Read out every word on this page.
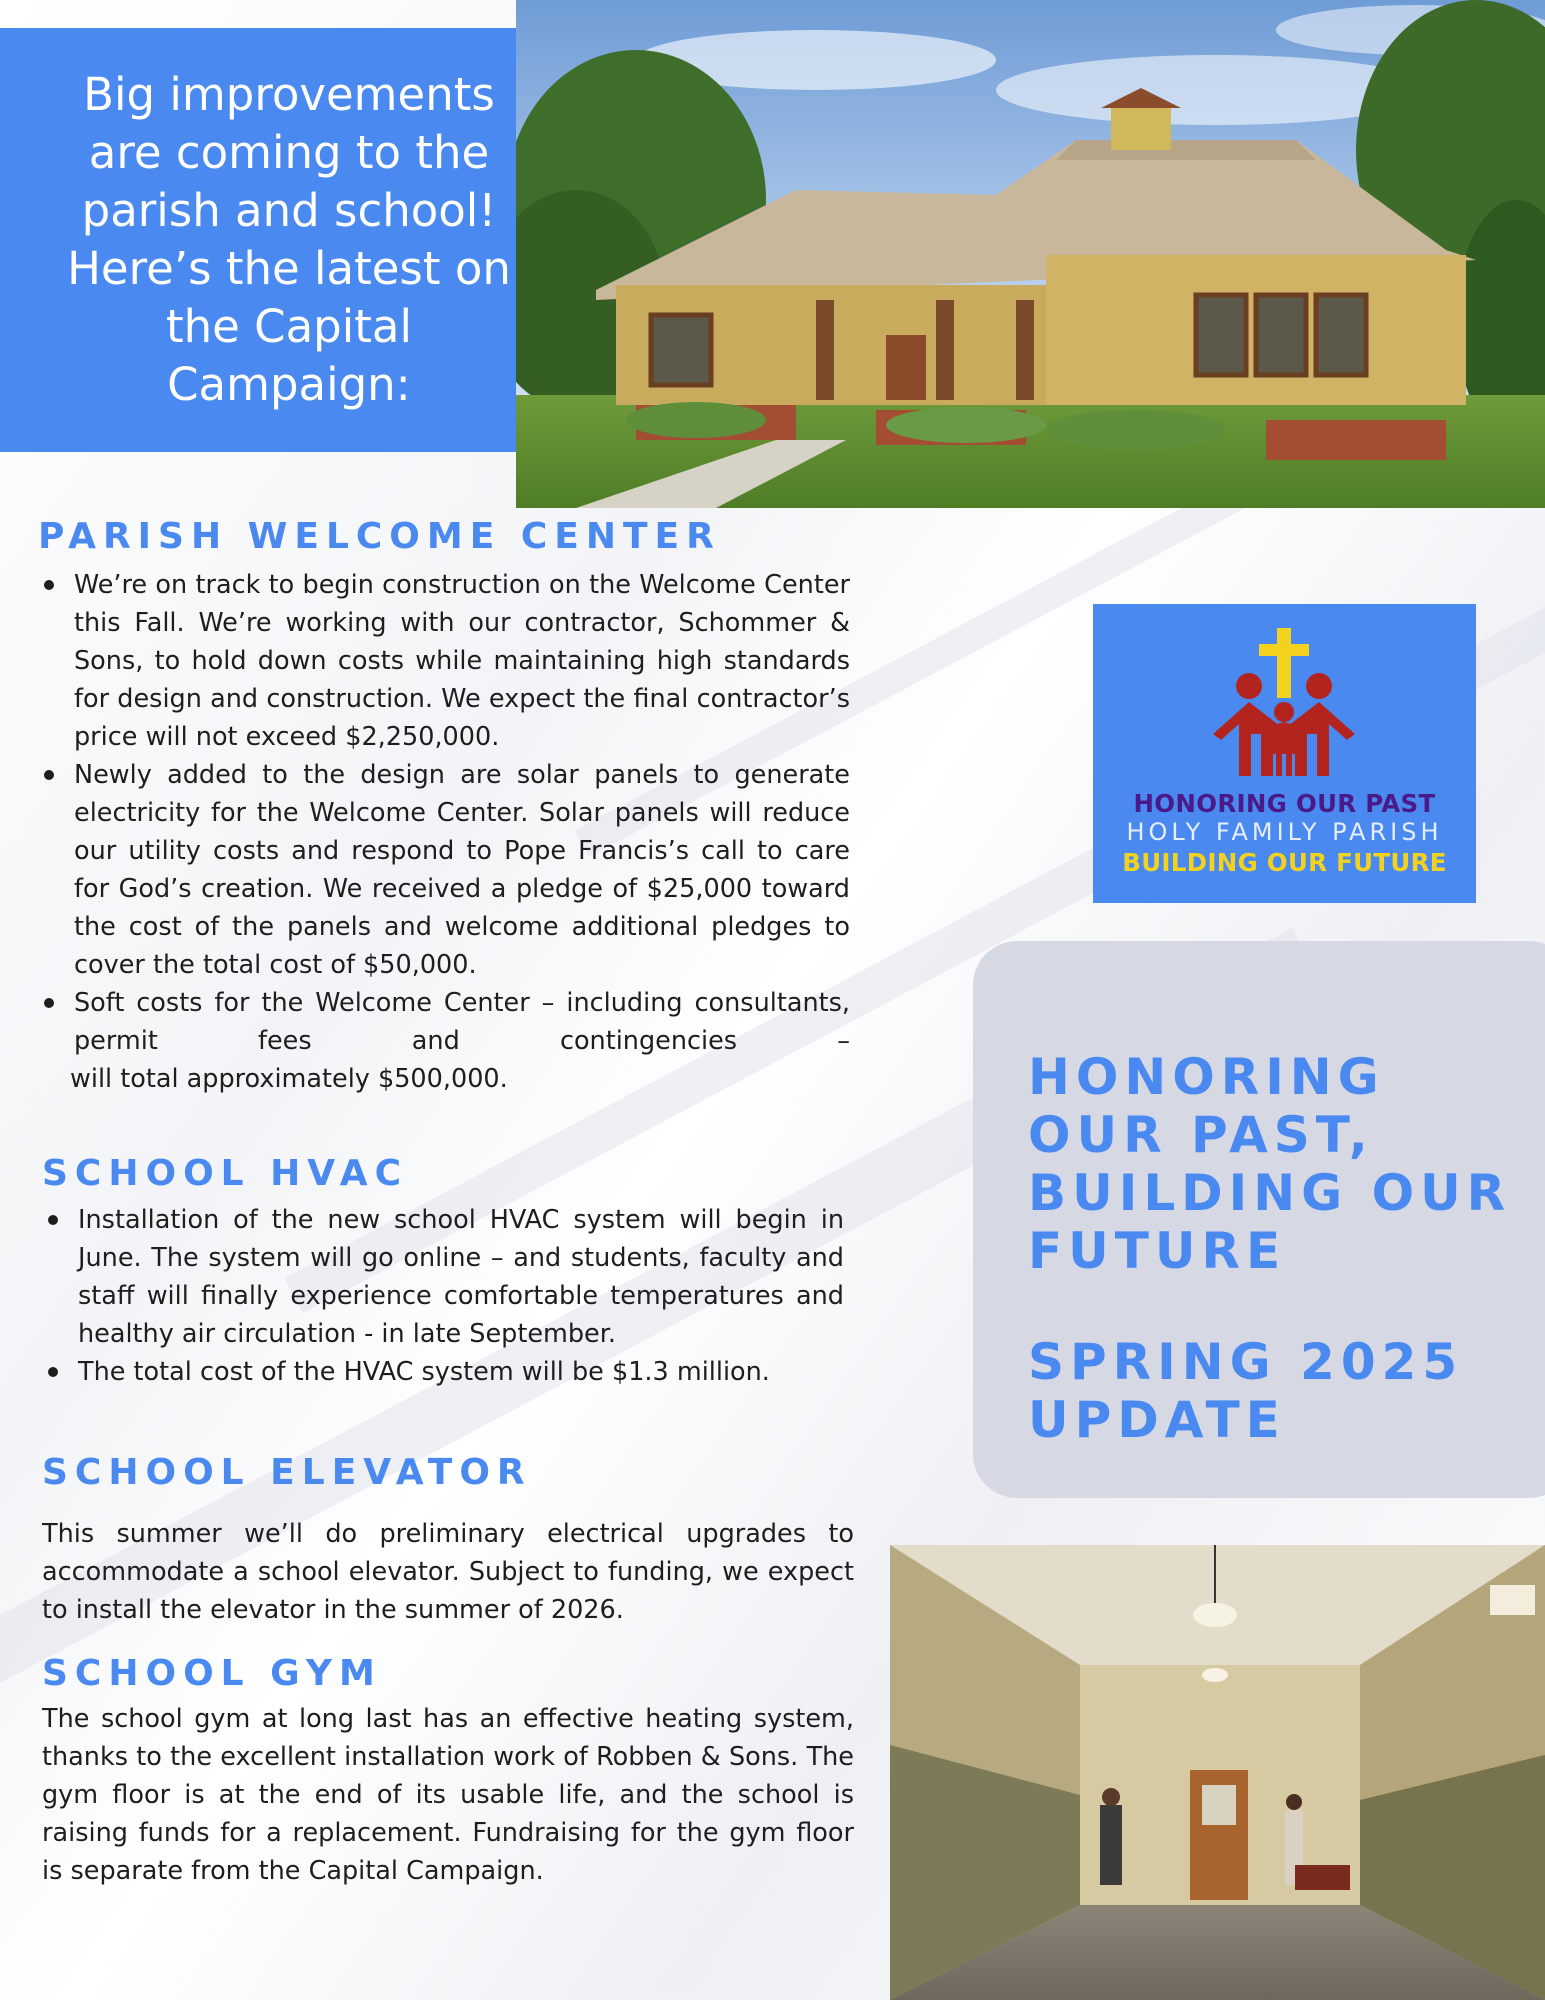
Big improvements
are coming to the
parish and school!
Here’s the latest on
the Capital
Campaign:
PARISH WELCOME CENTER
We’re on track to begin construction on the Welcome Center this Fall. We’re working with our contractor, Schommer & Sons, to hold down costs while maintaining high standards for design and construction. We expect the final contractor’s price will not exceed $2,250,000.
Newly added to the design are solar panels to generate electricity for the Welcome Center. Solar panels will reduce our utility costs and respond to Pope Francis’s call to care for God’s creation. We received a pledge of $25,000 toward the cost of the panels and welcome additional pledges to cover the total cost of $50,000.
Soft costs for the Welcome Center – including consultants, permit fees and contingencies –
will total approximately $500,000.
SCHOOL HVAC
Installation of the new school HVAC system will begin in June. The system will go online – and students, faculty and staff will finally experience comfortable temperatures and healthy air circulation - in late September.
The total cost of the HVAC system will be $1.3 million.
SCHOOL ELEVATOR

This summer we’ll do preliminary electrical upgrades to accommodate a school elevator. Subject to funding, we expect to install the elevator in the summer of 2026.

SCHOOL GYM

The school gym at long last has an effective heating system, thanks to the excellent installation work of Robben & Sons. The gym floor is at the end of its usable life, and the school is raising funds for a replacement. Fundraising for the gym floor is separate from the Capital Campaign.

HONORING OUR PAST
HOLY FAMILY PARISH
BUILDING OUR FUTURE
HONORING
OUR PAST,
BUILDING OUR
FUTURE
SPRING 2025
UPDATE
